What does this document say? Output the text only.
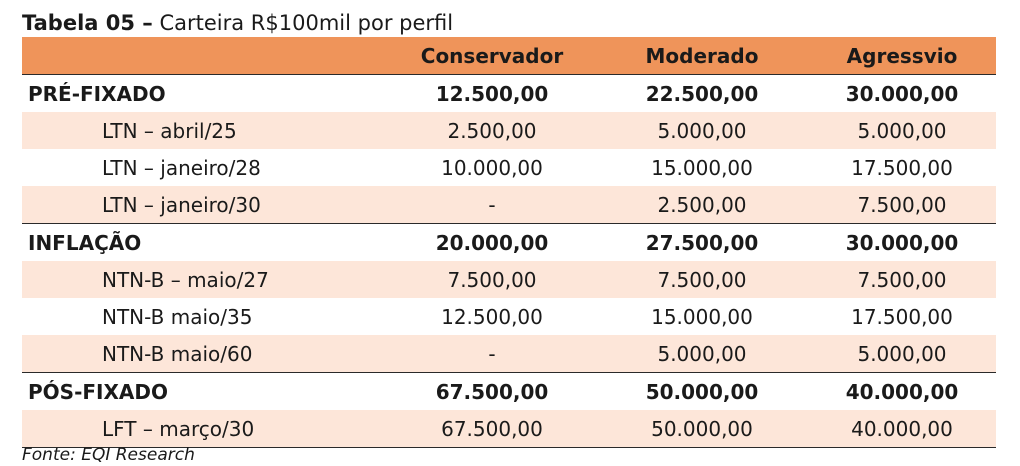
Tabela 05 – Carteira R$100mil por perfil
	Conservador	Moderado	Agressvio
PRÉ-FIXADO	12.500,00	22.500,00	30.000,00
LTN – abril/25	2.500,00	5.000,00	5.000,00
LTN – janeiro/28	10.000,00	15.000,00	17.500,00
LTN – janeiro/30	-	2.500,00	7.500,00
INFLAÇÃO	20.000,00	27.500,00	30.000,00
NTN-B – maio/27	7.500,00	7.500,00	7.500,00
NTN-B maio/35	12.500,00	15.000,00	17.500,00
NTN-B maio/60	-	5.000,00	5.000,00
PÓS-FIXADO	67.500,00	50.000,00	40.000,00
LFT – março/30	67.500,00	50.000,00	40.000,00
Fonte: EQI Research
